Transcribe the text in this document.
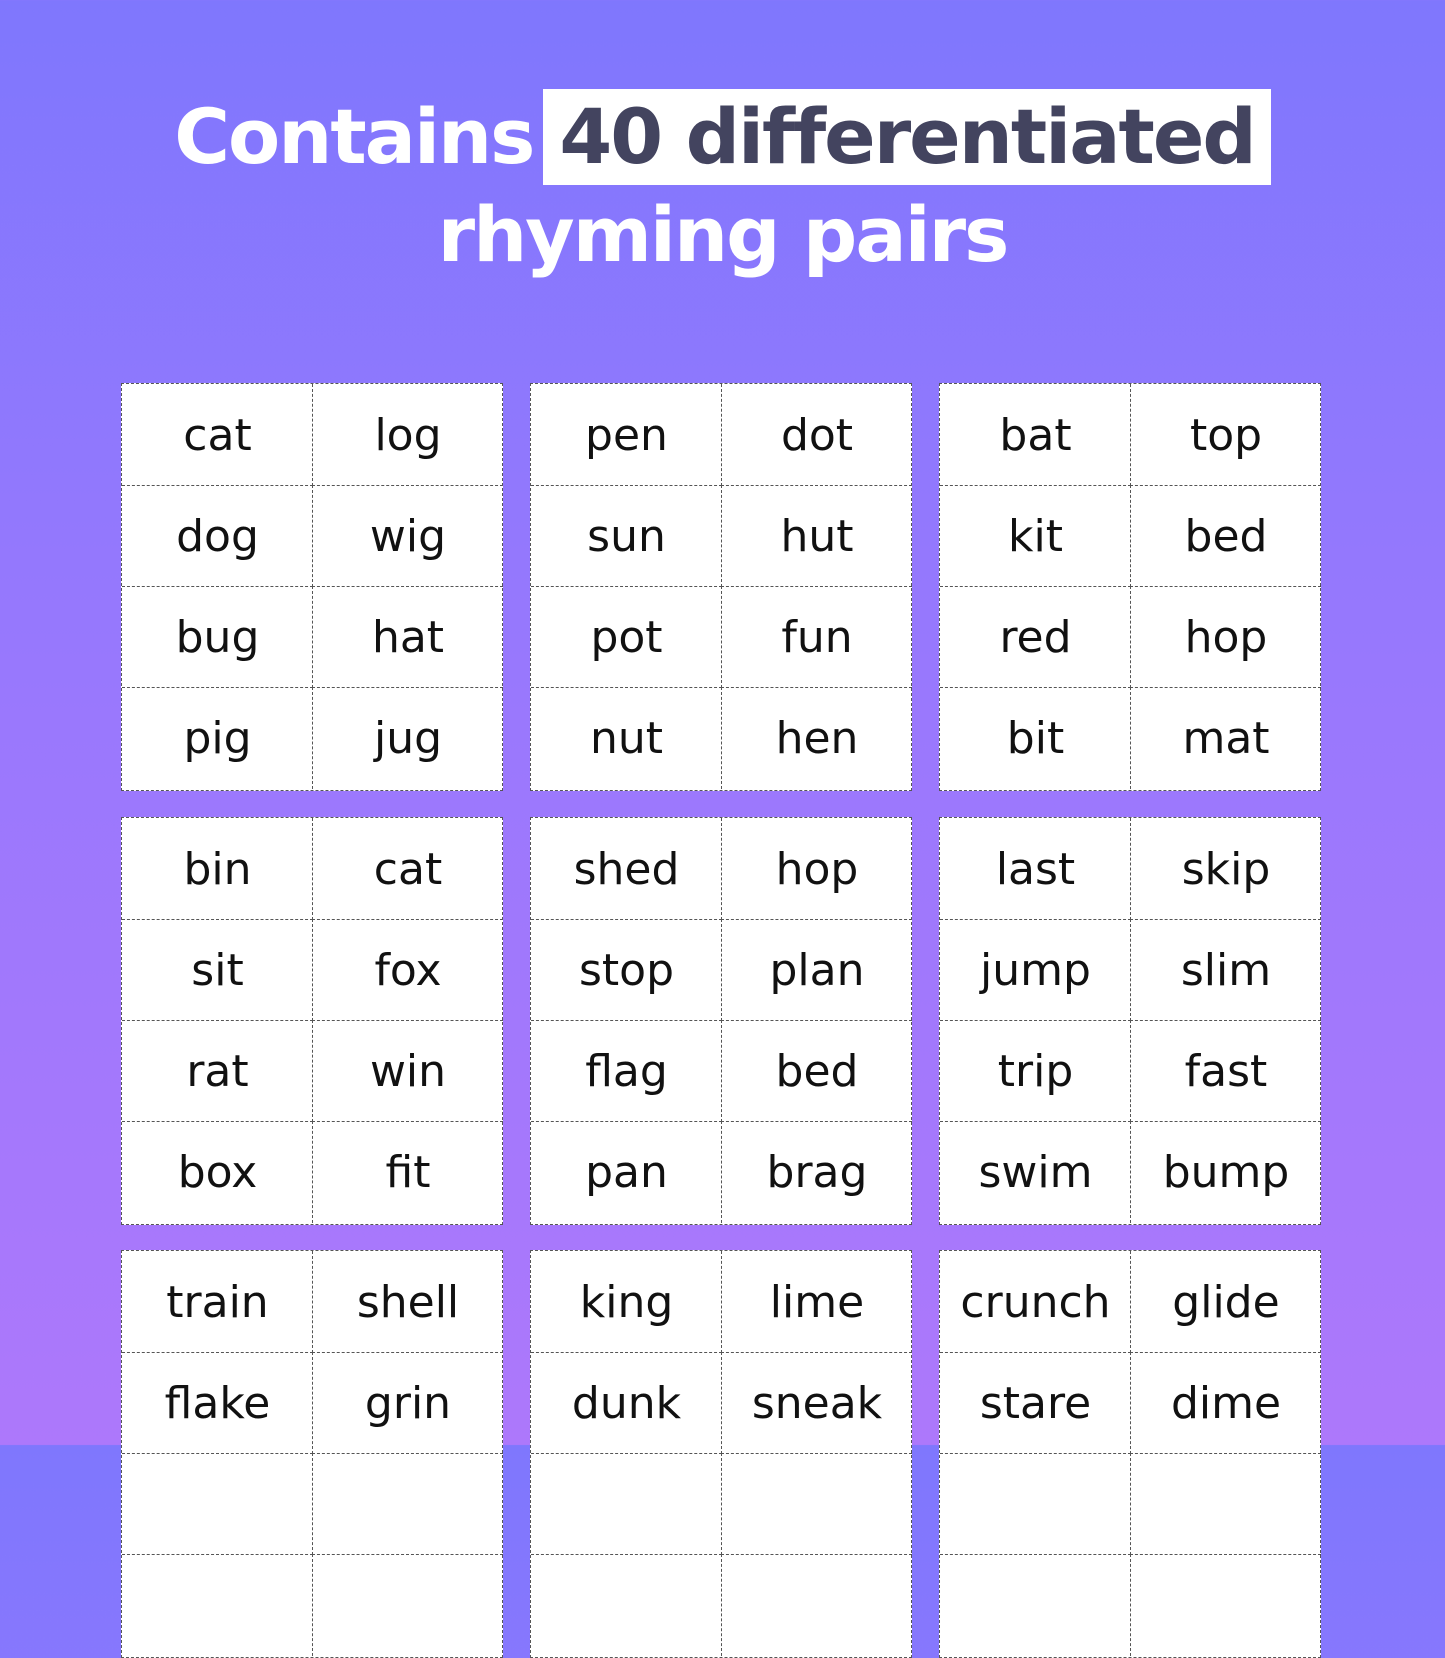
Contains 40 differentiated
rhyming pairs
cat	log
dog	wig
bug	hat
pig	jug
pen	dot
sun	hut
pot	fun
nut	hen
bat	top
kit	bed
red	hop
bit	mat
bin	cat
sit	fox
rat	win
box	fit
shed	hop
stop	plan
flag	bed
pan	brag
last	skip
jump	slim
trip	fast
swim	bump
train	shell
flake	grin
king	lime
dunk	sneak
crunch	glide
stare	dime
